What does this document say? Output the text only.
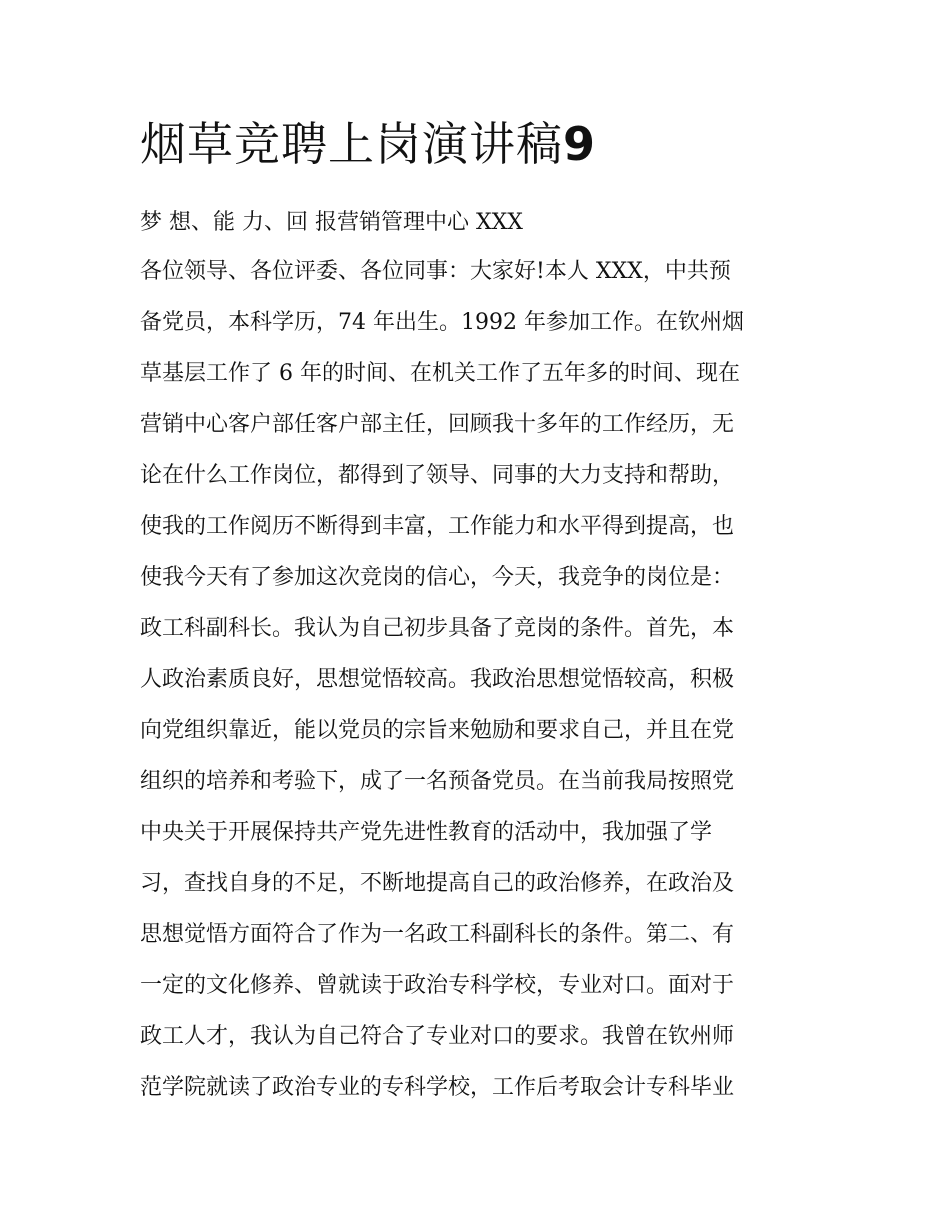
烟草竞聘上岗演讲稿9
梦 想、能 力、回 报营销管理中心 XXX
各位领导、各位评委、各位同事：大家好!本人 XXX，中共预
备党员，本科学历，74 年出生。1992 年参加工作。在钦州烟
草基层工作了 6 年的时间、在机关工作了五年多的时间、现在
营销中心客户部任客户部主任，回顾我十多年的工作经历，无
论在什么工作岗位，都得到了领导、同事的大力支持和帮助，
使我的工作阅历不断得到丰富，工作能力和水平得到提高，也
使我今天有了参加这次竞岗的信心，今天，我竞争的岗位是：
政工科副科长。我认为自己初步具备了竞岗的条件。首先，本
人政治素质良好，思想觉悟较高。我政治思想觉悟较高，积极
向党组织靠近，能以党员的宗旨来勉励和要求自己，并且在党
组织的培养和考验下，成了一名预备党员。在当前我局按照党
中央关于开展保持共产党先进性教育的活动中，我加强了学
习，查找自身的不足，不断地提高自己的政治修养，在政治及
思想觉悟方面符合了作为一名政工科副科长的条件。第二、有
一定的文化修养、曾就读于政治专科学校，专业对口。面对于
政工人才，我认为自己符合了专业对口的要求。我曾在钦州师
范学院就读了政治专业的专科学校，工作后考取会计专科毕业
